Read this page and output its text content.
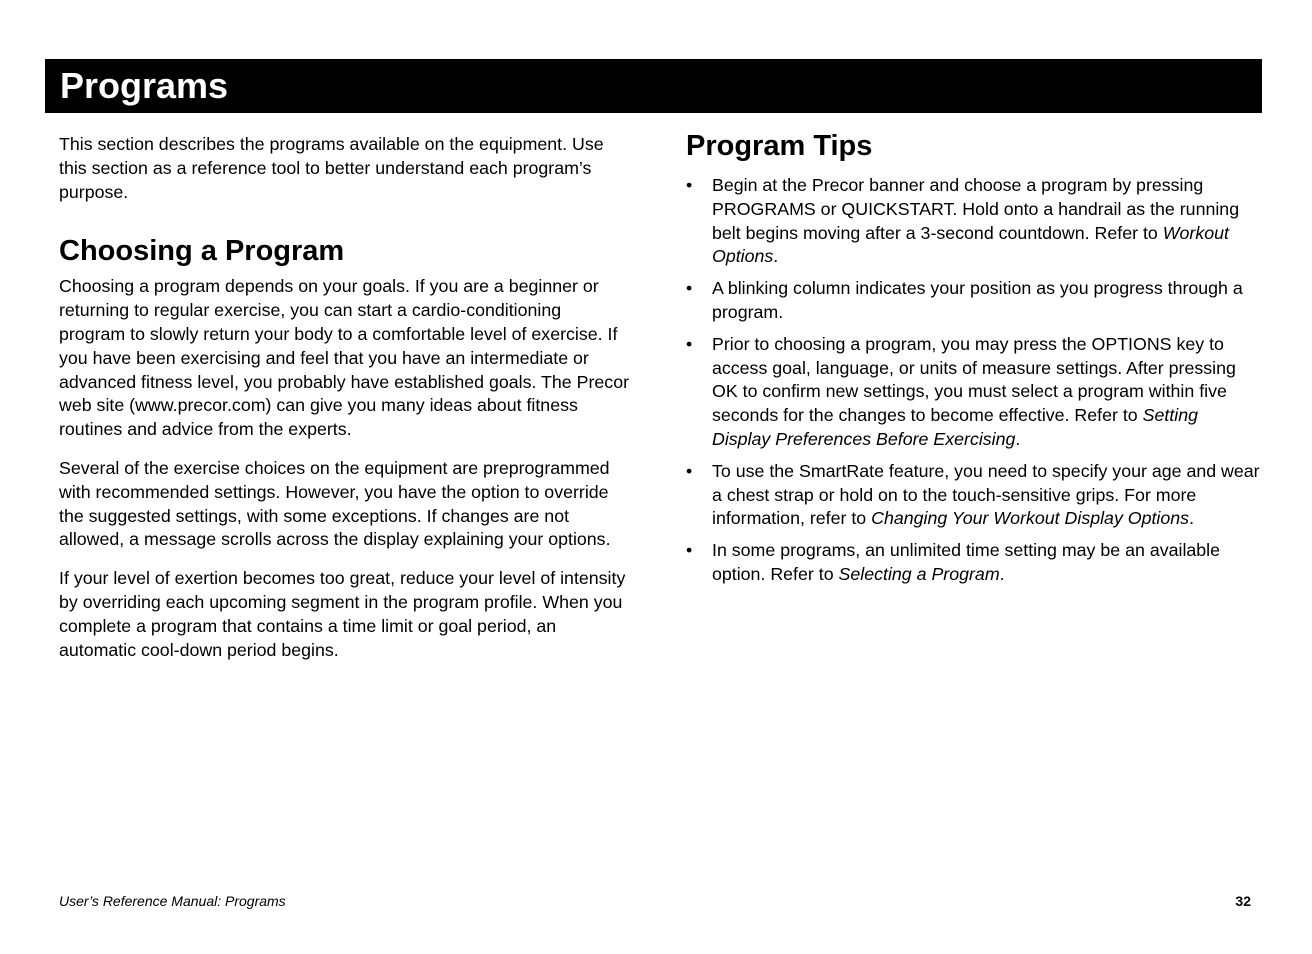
Programs

This section describes the programs available on the equipment. Use this section as a reference tool to better understand each program’s purpose.

Choosing a Program

Choosing a program depends on your goals. If you are a beginner or returning to regular exercise, you can start a cardio-conditioning program to slowly return your body to a comfortable level of exercise. If you have been exercising and feel that you have an intermediate or advanced fitness level, you probably have established goals. The Precor web site (www.precor.com) can give you many ideas about fitness routines and advice from the experts.

Several of the exercise choices on the equipment are preprogrammed with recommended settings. However, you have the option to override the suggested settings, with some exceptions. If changes are not allowed, a message scrolls across the display explaining your options.

If your level of exertion becomes too great, reduce your level of intensity by overriding each upcoming segment in the program profile. When you complete a program that contains a time limit or goal period, an automatic cool-down period begins.

Program Tips
• Begin at the Precor banner and choose a program by pressing PROGRAMS or QUICKSTART. Hold onto a handrail as the running belt begins moving after a 3-second countdown. Refer to Workout Options.
• A blinking column indicates your position as you progress through a program.
• Prior to choosing a program, you may press the OPTIONS key to access goal, language, or units of measure settings. After pressing OK to confirm new settings, you must select a program within five seconds for the changes to become effective. Refer to Setting Display Preferences Before Exercising.
• To use the SmartRate feature, you need to specify your age and wear a chest strap or hold on to the touch-sensitive grips. For more information, refer to Changing Your Workout Display Options.
• In some programs, an unlimited time setting may be an available option. Refer to Selecting a Program.
User’s Reference Manual: Programs	32
